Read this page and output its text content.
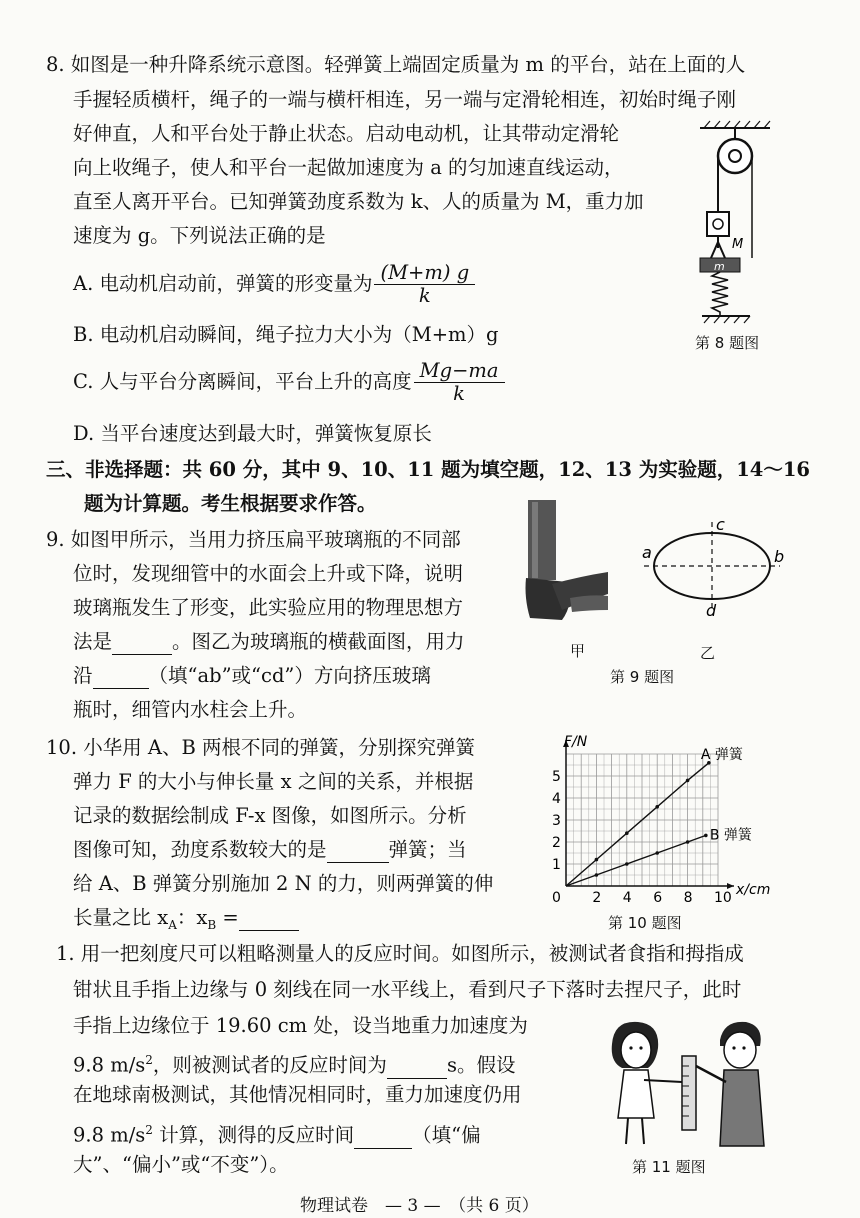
8. 如图是一种升降系统示意图。轻弹簧上端固定质量为 m 的平台，站在上面的人
手握轻质横杆，绳子的一端与横杆相连，另一端与定滑轮相连，初始时绳子刚
好伸直，人和平台处于静止状态。启动电动机，让其带动定滑轮
向上收绳子，使人和平台一起做加速度为 a 的匀加速直线运动，
直至人离开平台。已知弹簧劲度系数为 k、人的质量为 M，重力加
速度为 g。下列说法正确的是
A. 电动机启动前，弹簧的形变量为 $\frac{(M+m) g}{k}$
B. 电动机启动瞬间，绳子拉力大小为（M+m）g
C. 人与平台分离瞬间，平台上升的高度 $\frac{Mg-ma}{k}$
D. 当平台速度达到最大时，弹簧恢复原长
M
m
第 8 题图
三、非选择题：共 60 分，其中 9、10、11 题为填空题，12、13 为实验题，14～16
题为计算题。考生根据要求作答。
9. 如图甲所示，当用力挤压扁平玻璃瓶的不同部
位时，发现细管中的水面会上升或下降，说明
玻璃瓶发生了形变，此实验应用的物理思想方
法是	。图乙为玻璃瓶的横截面图，用力
沿	（填“ab”或“cd”）方向挤压玻璃
瓶时，细管内水柱会上升。
甲
a	b
c
d
乙
第 9 题图
10. 小华用 A、B 两根不同的弹簧，分别探究弹簧
弹力 F 的大小与伸长量 x 之间的关系，并根据
记录的数据绘制成 F-x 图像，如图所示。分析
图像可知，劲度系数较大的是	弹簧；当
给 A、B 弹簧分别施加 2 N 的力，则两弹簧的伸
长量之比 $x_A$：$x_B$ =
0 2 4 6 8 10
1
2
3
4
5
F/N
x/cm
A 弹簧
B 弹簧
第 10 题图
1. 用一把刻度尺可以粗略测量人的反应时间。如图所示，被测试者食指和拇指成
钳状且手指上边缘与 0 刻线在同一水平线上，看到尺子下落时去捏尺子，此时
手指上边缘位于 19.60 cm 处，设当地重力加速度为
9.8 $m/s^2$，则被测试者的反应时间为	s。假设
在地球南极测试，其他情况相同时，重力加速度仍用
9.8 $m/s^2$ 计算，测得的反应时间	（填“偏
大”、“偏小”或“不变”）。	第 11 题图
物理试卷　— 3 —　（共 6 页）
